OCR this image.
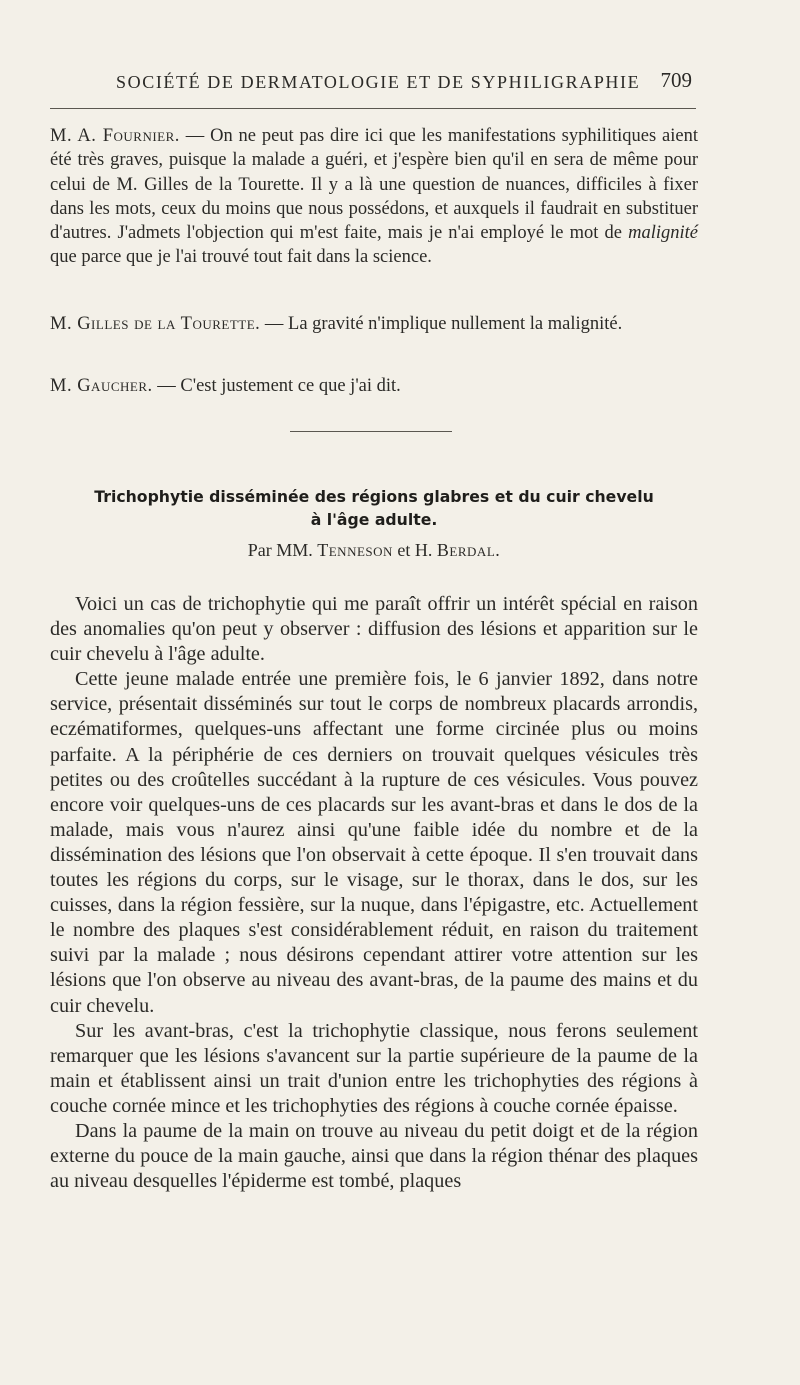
SOCIÉTÉ DE DERMATOLOGIE ET DE SYPHILIGRAPHIE 709

M. A. Fournier. — On ne peut pas dire ici que les manifestations syphilitiques aient été très graves, puisque la malade a guéri, et j'espère bien qu'il en sera de même pour celui de M. Gilles de la Tourette. Il y a là une question de nuances, difficiles à fixer dans les mots, ceux du moins que nous possédons, et auxquels il faudrait en substituer d'autres. J'admets l'objection qui m'est faite, mais je n'ai employé le mot de malignité que parce que je l'ai trouvé tout fait dans la science.

M. Gilles de la Tourette. — La gravité n'implique nullement la malignité.

M. Gaucher. — C'est justement ce que j'ai dit.

Trichophytie disséminée des régions glabres et du cuir chevelu
à l'âge adulte.
Par MM. Tenneson et H. Berdal.

Voici un cas de trichophytie qui me paraît offrir un intérêt spécial en raison des anomalies qu'on peut y observer : diffusion des lésions et apparition sur le cuir chevelu à l'âge adulte.

Cette jeune malade entrée une première fois, le 6 janvier 1892, dans notre service, présentait disséminés sur tout le corps de nombreux placards arrondis, eczématiformes, quelques-uns affectant une forme circinée plus ou moins parfaite. A la périphérie de ces derniers on trouvait quelques vésicules très petites ou des croûtelles succédant à la rupture de ces vésicules. Vous pouvez encore voir quelques-uns de ces placards sur les avant-bras et dans le dos de la malade, mais vous n'aurez ainsi qu'une faible idée du nombre et de la dissémination des lésions que l'on observait à cette époque. Il s'en trouvait dans toutes les régions du corps, sur le visage, sur le thorax, dans le dos, sur les cuisses, dans la région fessière, sur la nuque, dans l'épigastre, etc. Actuellement le nombre des plaques s'est considérablement réduit, en raison du traitement suivi par la malade ; nous désirons cependant attirer votre attention sur les lésions que l'on observe au niveau des avant-bras, de la paume des mains et du cuir chevelu.

Sur les avant-bras, c'est la trichophytie classique, nous ferons seulement remarquer que les lésions s'avancent sur la partie supérieure de la paume de la main et établissent ainsi un trait d'union entre les trichophyties des régions à couche cornée mince et les trichophyties des régions à couche cornée épaisse.

Dans la paume de la main on trouve au niveau du petit doigt et de la région externe du pouce de la main gauche, ainsi que dans la région thénar des plaques au niveau desquelles l'épiderme est tombé, plaques
